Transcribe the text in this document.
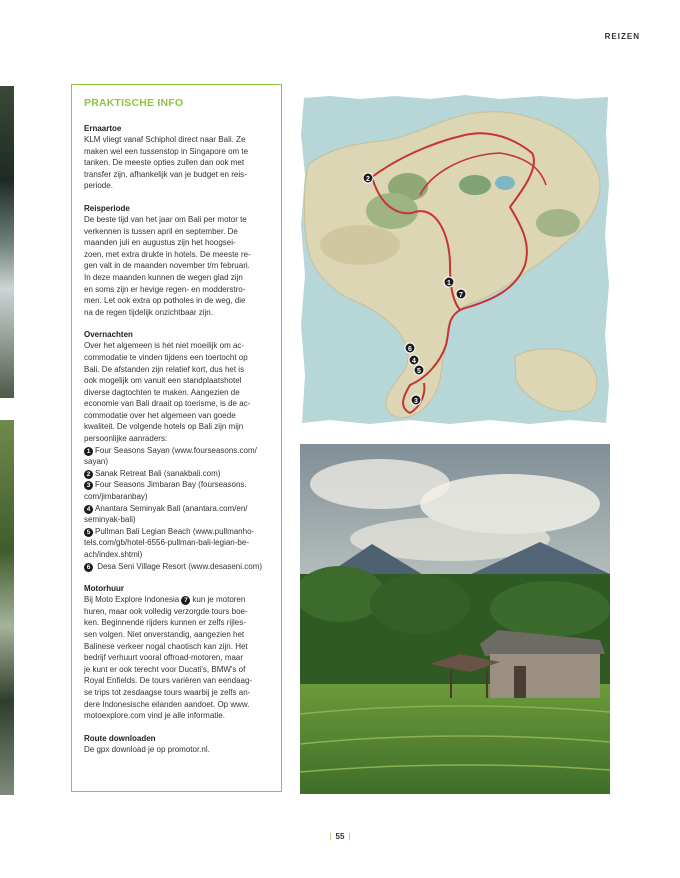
REIZEN
PRAKTISCHE INFO
Ernaartoe
KLM vliegt vanaf Schiphol direct naar Bali. Ze
maken wel een tussenstop in Singapore om te
tanken. De meeste opties zullen dan ook met
transfer zijn, afhankelijk van je budget en reis-
periode.
Reisperiode
De beste tijd van het jaar om Bali per motor te
verkennen is tussen april en september. De
maanden juli en augustus zijn het hoogsei-
zoen, met extra drukte in hotels. De meeste re-
gen valt in de maanden november t/m februari.
In deze maanden kunnen de wegen glad zijn
en soms zijn er hevige regen- en modderstro-
men. Let ook extra op potholes in de weg, die
na de regen tijdelijk onzichtbaar zijn.
Overnachten
Over het algemeen is het niet moeilijk om ac-
commodatie te vinden tijdens een toertocht op
Bali. De afstanden zijn relatief kort, dus het is
ook mogelijk om vanuit een standplaatshotel
diverse dagtochten te maken. Aangezien de
economie van Bali draait op toerisme, is de ac-
commodatie over het algemeen van goede
kwaliteit. De volgende hotels op Bali zijn mijn
persoonlijke aanraders:
1 Four Seasons Sayan (www.fourseasons.com/
sayan)
2 Sanak Retreat Bali (sanakbali.com)
3 Four Seasons Jimbaran Bay (fourseasons.
com/jimbaranbay)
4 Anantara Seminyak Bali (anantara.com/en/
seminyak-bali)
5 Pullman Bali Legian Beach (www.pullmanho-
tels.com/gb/hotel-6556-pullman-bali-legian-be-
ach/index.shtml)
6 Desa Seni Village Resort (www.desaseni.com)
Motorhuur
Bij Moto Explore Indonesia 7 kun je motoren
huren, maar ook volledig verzorgde tours boe-
ken. Beginnende rijders kunnen er zelfs rijles-
sen volgen. Niet onverstandig, aangezien het
Balinese verkeer nogal chaotisch kan zijn. Het
bedrijf verhuurt vooral offroad-motoren, maar
je kunt er ook terecht voor Ducati's, BMW's of
Royal Enfields. De tours variëren van eendaag-
se trips tot zesdaagse tours waarbij je zelfs an-
dere Indonesische eilanden aandoet. Op www.
motoexplore.com vind je alle informatie.
Route downloaden
De gpx download je op promotor.nl.
2
1
7
6
4
5
3
| 55 |
